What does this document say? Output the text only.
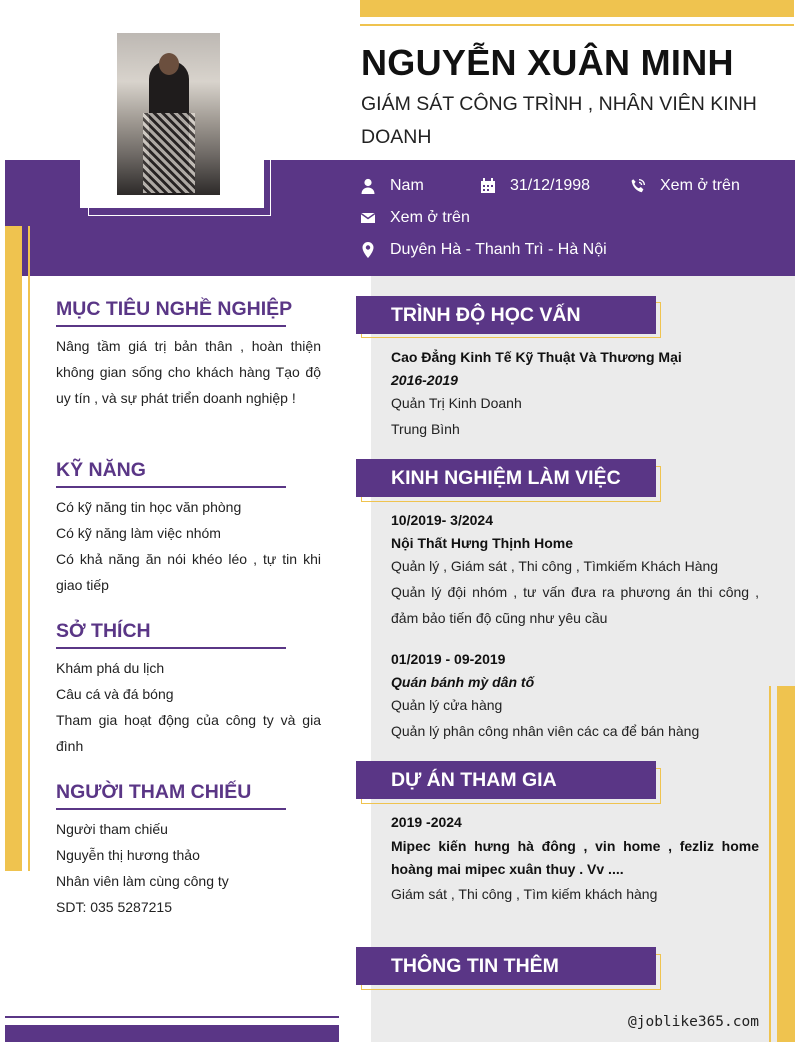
NGUYỄN XUÂN MINH
GIÁM SÁT CÔNG TRÌNH , NHÂN VIÊN KINH DOANH
Nam	31/12/1998	Xem ở trên
Xem ở trên
Duyên Hà - Thanh Trì - Hà Nội
MỤC TIÊU NGHỀ NGHIỆP
Nâng tầm giá trị bản thân , hoàn thiện không gian sống cho khách hàng Tạo độ uy tín , và sự phát triển doanh nghiệp !
KỸ NĂNG

Có kỹ năng tin học văn phòng

Có kỹ năng làm việc nhóm

Có khả năng ăn nói khéo léo , tự tin khi giao tiếp

SỞ THÍCH

Khám phá du lịch

Câu cá và đá bóng

Tham gia hoạt động của công ty và gia đình

NGƯỜI THAM CHIẾU

Người tham chiếu

Nguyễn thị hương thảo

Nhân viên làm cùng công ty

SDT: 035 5287215

TRÌNH ĐỘ HỌC VẤN

Cao Đẳng Kinh Tế Kỹ Thuật Và Thương Mại

2016-2019

Quản Trị Kinh Doanh

Trung Bình

KINH NGHIỆM LÀM VIỆC

10/2019- 3/2024

Nội Thất Hưng Thịnh Home

Quản lý , Giám sát , Thi công , Tìmkiếm Khách Hàng

Quản lý đội nhóm , tư vấn đưa ra phương án thi công , đảm bảo tiến độ cũng như yêu cầu

01/2019 - 09-2019

Quán bánh mỳ dân tố

Quản lý cửa hàng

Quản lý phân công nhân viên các ca để bán hàng

DỰ ÁN THAM GIA

2019 -2024

Mipec kiến hưng hà đông , vin home , fezliz home hoàng mai mipec xuân thuy . Vv ....

Giám sát , Thi công , Tìm kiếm khách hàng

THÔNG TIN THÊM
@joblike365.com
